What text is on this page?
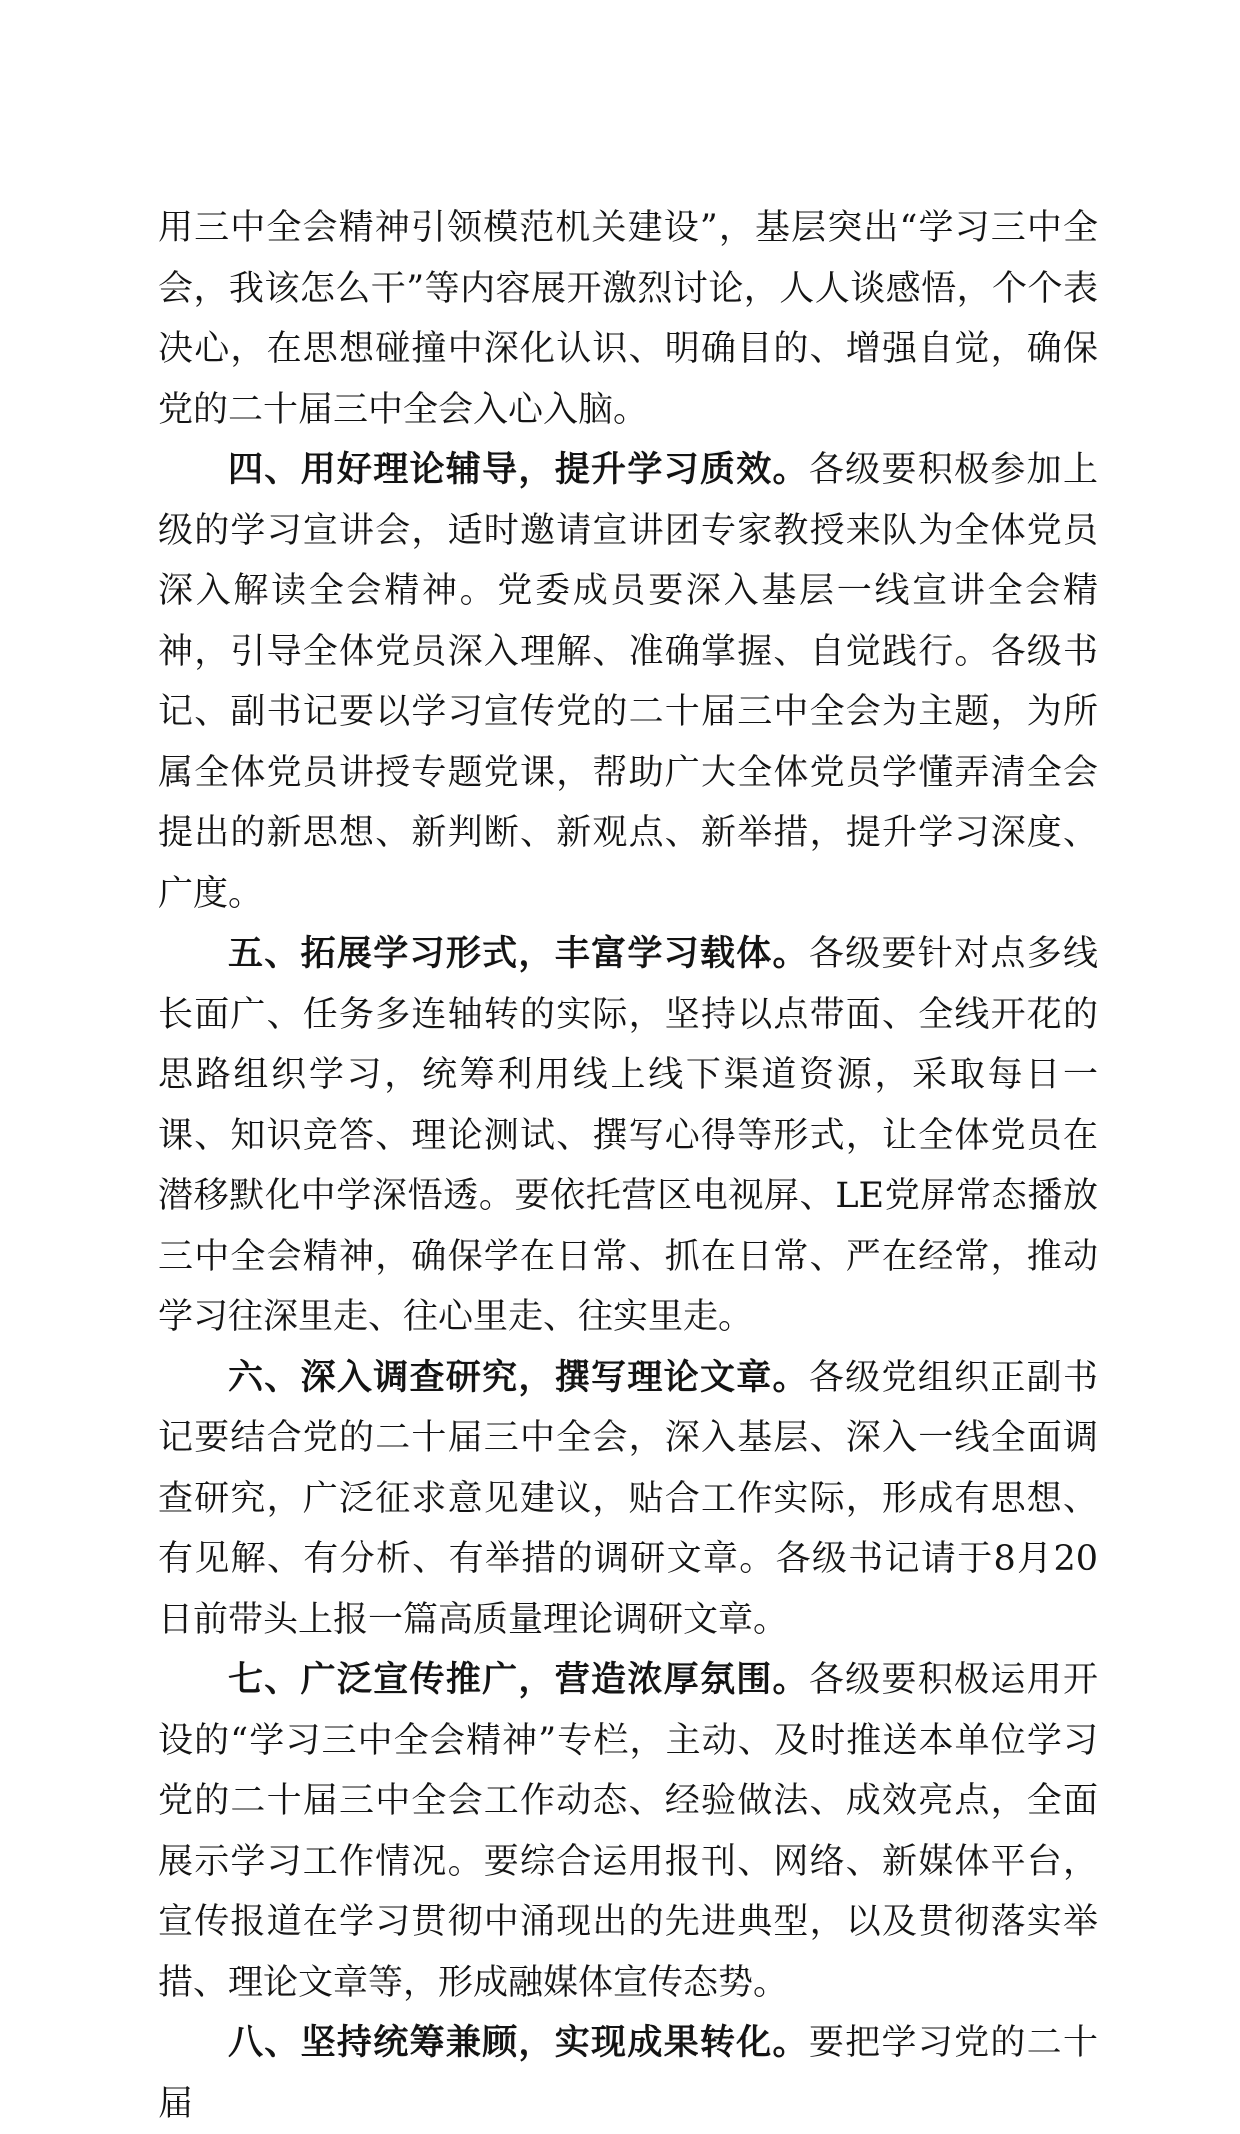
用三中全会精神引领模范机关建设”，基层突出“学习三中全会，我该怎么干”等内容展开激烈讨论，人人谈感悟，个个表决心，在思想碰撞中深化认识、明确目的、增强自觉，确保党的二十届三中全会入心入脑。

四、用好理论辅导，提升学习质效。各级要积极参加上级的学习宣讲会，适时邀请宣讲团专家教授来队为全体党员深入解读全会精神。党委成员要深入基层一线宣讲全会精神，引导全体党员深入理解、准确掌握、自觉践行。各级书记、副书记要以学习宣传党的二十届三中全会为主题，为所属全体党员讲授专题党课，帮助广大全体党员学懂弄清全会提出的新思想、新判断、新观点、新举措，提升学习深度、广度。

五、拓展学习形式，丰富学习载体。各级要针对点多线长面广、任务多连轴转的实际，坚持以点带面、全线开花的思路组织学习，统筹利用线上线下渠道资源，采取每日一课、知识竞答、理论测试、撰写心得等形式，让全体党员在潜移默化中学深悟透。要依托营区电视屏、LE党屏常态播放三中全会精神，确保学在日常、抓在日常、严在经常，推动学习往深里走、往心里走、往实里走。

六、深入调查研究，撰写理论文章。各级党组织正副书记要结合党的二十届三中全会，深入基层、深入一线全面调查研究，广泛征求意见建议，贴合工作实际，形成有思想、有见解、有分析、有举措的调研文章。各级书记请于8月20日前带头上报一篇高质量理论调研文章。

七、广泛宣传推广，营造浓厚氛围。各级要积极运用开设的“学习三中全会精神”专栏，主动、及时推送本单位学习党的二十届三中全会工作动态、经验做法、成效亮点，全面展示学习工作情况。要综合运用报刊、网络、新媒体平台，宣传报道在学习贯彻中涌现出的先进典型，以及贯彻落实举措、理论文章等，形成融媒体宣传态势。

八、坚持统筹兼顾，实现成果转化。要把学习党的二十届
